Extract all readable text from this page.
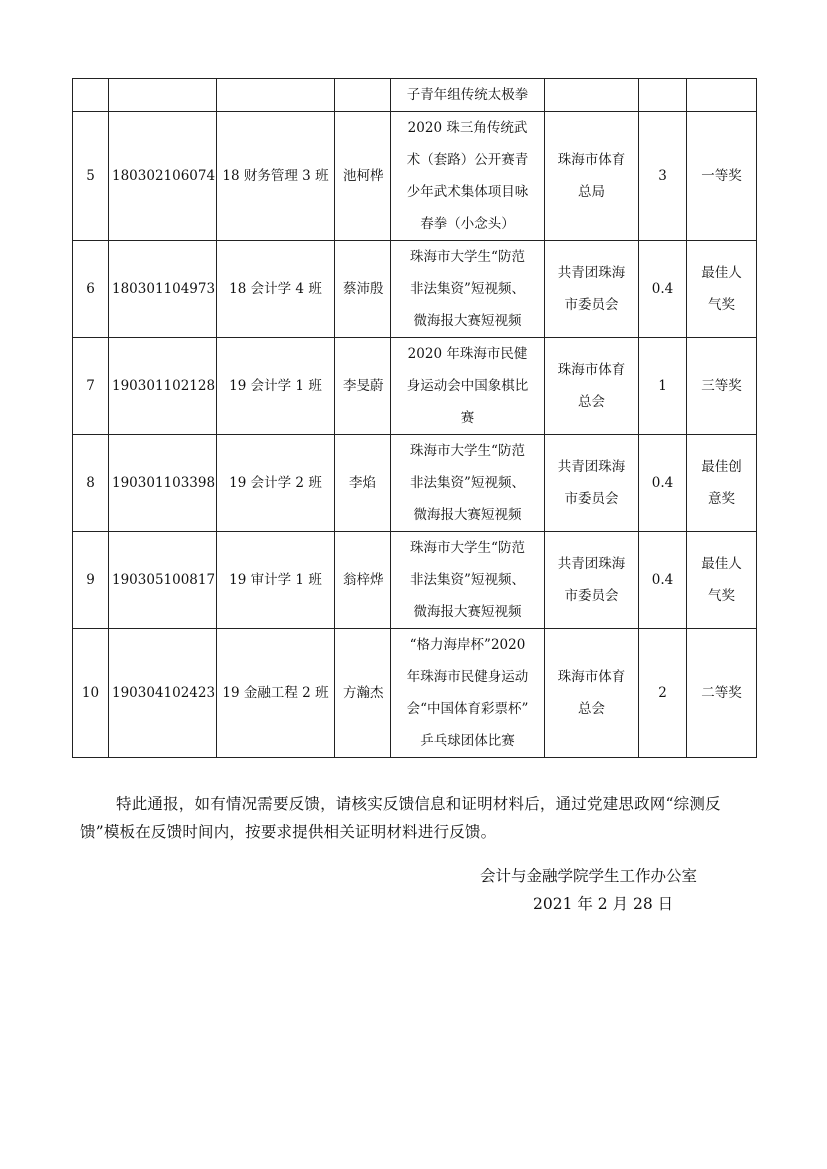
				子青年组传统太极拳			

5	180302106074	18 财务管理 3 班	池柯桦	2020 珠三角传统武
术（套路）公开赛青
少年武术集体项目咏
春拳（小念头）	珠海市体育
总局	3	一等奖

6	180301104973	18 会计学 4 班	蔡沛殷	珠海市大学生“防范
非法集资”短视频、
微海报大赛短视频	共青团珠海
市委员会	0.4	最佳人
气奖

7	190301102128	19 会计学 1 班	李旻蔚	2020 年珠海市民健
身运动会中国象棋比
赛	珠海市体育
总会	1	三等奖

8	190301103398	19 会计学 2 班	李焰	珠海市大学生“防范
非法集资”短视频、
微海报大赛短视频	共青团珠海
市委员会	0.4	最佳创
意奖

9	190305100817	19 审计学 1 班	翁梓烨	珠海市大学生“防范
非法集资”短视频、
微海报大赛短视频	共青团珠海
市委员会	0.4	最佳人
气奖

10	190304102423	19 金融工程 2 班	方瀚杰	“格力海岸杯”2020
年珠海市民健身运动
会“中国体育彩票杯”
乒乓球团体比赛	珠海市体育
总会	2	二等奖
特此通报，如有情况需要反馈，请核实反馈信息和证明材料后，通过党建思政网“综测反馈”模板在反馈时间内，按要求提供相关证明材料进行反馈。
会计与金融学院学生工作办公室
2021 年 2 月 28 日
